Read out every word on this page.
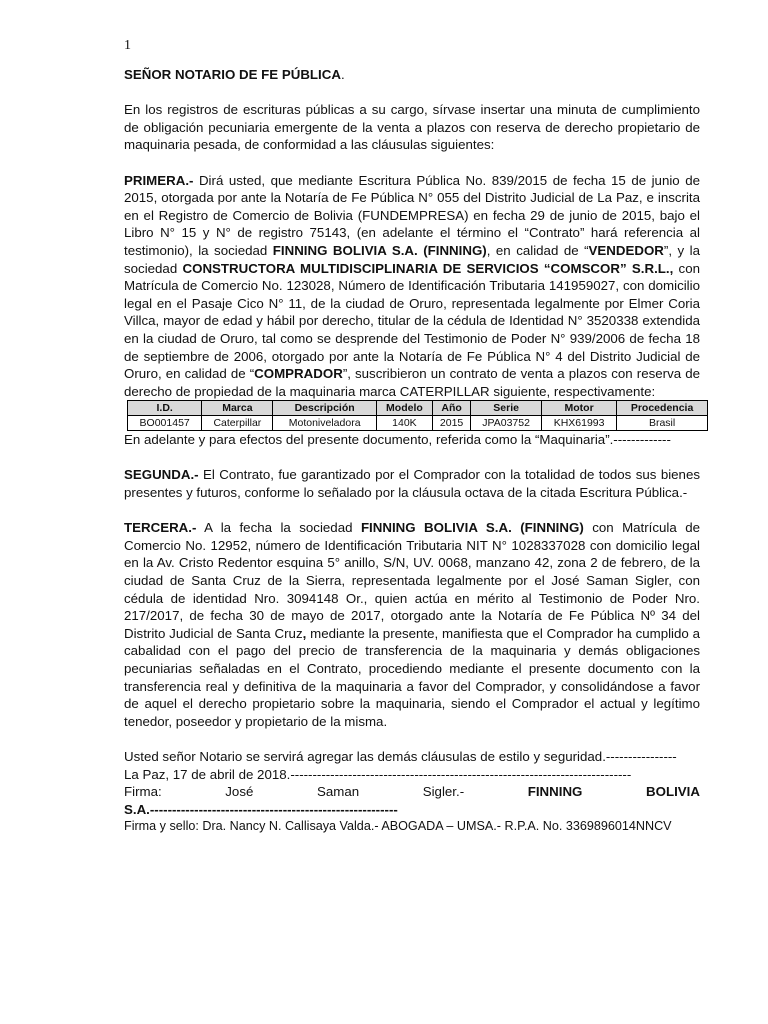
1

SEÑOR NOTARIO DE FE PÚBLICA.

En los registros de escrituras públicas a su cargo, sírvase insertar una minuta de cumplimiento de obligación pecuniaria emergente de la venta a plazos con reserva de derecho propietario de maquinaria pesada, de conformidad a las cláusulas siguientes:

PRIMERA.- Dirá usted, que mediante Escritura Pública No. 839/2015 de fecha 15 de junio de 2015, otorgada por ante la Notaría de Fe Pública N° 055 del Distrito Judicial de La Paz, e inscrita en el Registro de Comercio de Bolivia (FUNDEMPRESA) en fecha 29 de junio de 2015, bajo el Libro N° 15 y N° de registro 75143, (en adelante el término el “Contrato” hará referencia al testimonio), la sociedad FINNING BOLIVIA S.A. (FINNING), en calidad de “VENDEDOR”, y la sociedad CONSTRUCTORA MULTIDISCIPLINARIA DE SERVICIOS “COMSCOR” S.R.L., con Matrícula de Comercio No. 123028, Número de Identificación Tributaria 141959027, con domicilio legal en el Pasaje Cico N° 11, de la ciudad de Oruro, representada legalmente por Elmer Coria Villca, mayor de edad y hábil por derecho, titular de la cédula de Identidad N° 3520338 extendida en la ciudad de Oruro, tal como se desprende del Testimonio de Poder N° 939/2006 de fecha 18 de septiembre de 2006, otorgado por ante la Notaría de Fe Pública N° 4 del Distrito Judicial de Oruro, en calidad de “COMPRADOR”, suscribieron un contrato de venta a plazos con reserva de derecho de propiedad de la maquinaria marca CATERPILLAR siguiente, respectivamente:

I.D.	Marca	Descripción	Modelo	Año	Serie	Motor	Procedencia
BO001457	Caterpillar	Motoniveladora	140K	2015	JPA03752	KHX61993	Brasil

En adelante y para efectos del presente documento, referida como la “Maquinaria”.-------------

SEGUNDA.- El Contrato, fue garantizado por el Comprador con la totalidad de todos sus bienes presentes y futuros, conforme lo señalado por la cláusula octava de la citada Escritura Pública.-

TERCERA.- A la fecha la sociedad FINNING BOLIVIA S.A. (FINNING) con Matrícula de Comercio No. 12952, número de Identificación Tributaria NIT N° 1028337028 con domicilio legal en la Av. Cristo Redentor esquina 5° anillo, S/N, UV. 0068, manzano 42, zona 2 de febrero, de la ciudad de Santa Cruz de la Sierra, representada legalmente por el José Saman Sigler, con cédula de identidad Nro. 3094148 Or., quien actúa en mérito al Testimonio de Poder Nro. 217/2017, de fecha 30 de mayo de 2017, otorgado ante la Notaría de Fe Pública Nº 34 del Distrito Judicial de Santa Cruz, mediante la presente, manifiesta que el Comprador ha cumplido a cabalidad con el pago del precio de transferencia de la maquinaria y demás obligaciones pecuniarias señaladas en el Contrato, procediendo mediante el presente documento con la transferencia real y definitiva de la maquinaria a favor del Comprador, y consolidándose a favor de aquel el derecho propietario sobre la maquinaria, siendo el Comprador el actual y legítimo tenedor, poseedor y propietario de la misma.

Usted señor Notario se servirá agregar las demás cláusulas de estilo y seguridad.----------------

La Paz, 17 de abril de 2018.-----------------------------------------------------------------------------

Firma:	José	Saman	Sigler.-	FINNING	BOLIVIA

S.A.--------------------------------------------------------

Firma y sello: Dra. Nancy N. Callisaya Valda.- ABOGADA – UMSA.- R.P.A. No. 3369896014NNCV
